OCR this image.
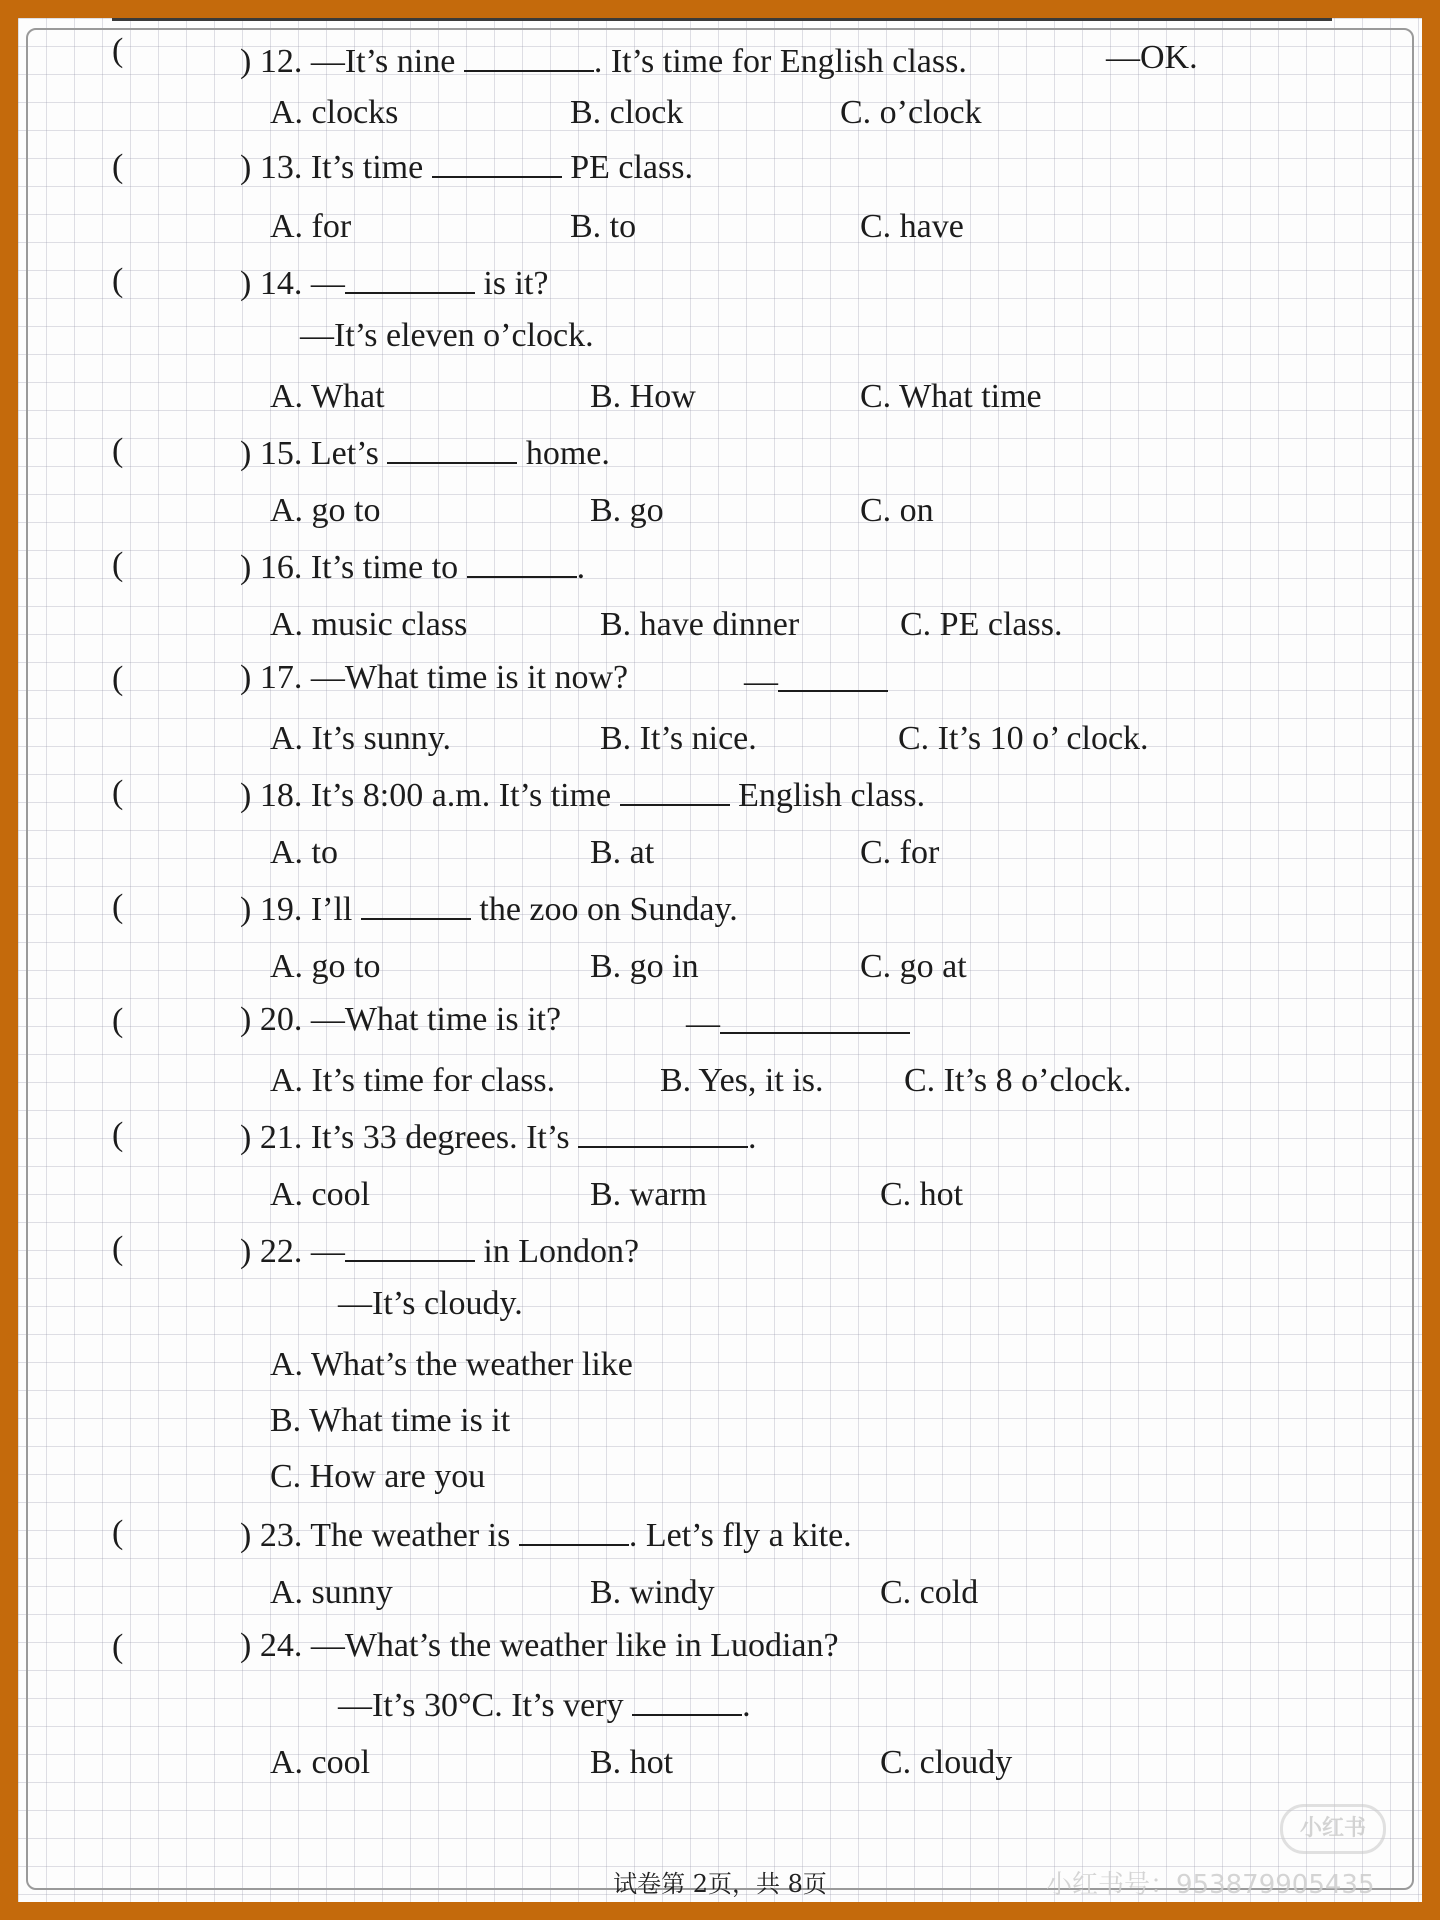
(	) 12. —It’s nine	. It’s time for English class.	—OK.
A. clocks	B. clock	C. o’clock
(	) 13. It’s time	PE class.
A. for	B. to	C. have
(	) 14. —	is it?
—It’s eleven o’clock.
A. What	B. How	C. What time
(	) 15. Let’s	home.
A. go to	B. go	C. on
(	) 16. It’s time to	.
A. music class	B. have dinner	C. PE class.
(	) 17. —What time is it now?	—
A. It’s sunny.	B. It’s nice.	C. It’s 10 o’ clock.
(	) 18. It’s 8:00 a.m. It’s time	English class.
A. to	B. at	C. for
(	) 19. I’ll	the zoo on Sunday.
A. go to	B. go in	C. go at
(	) 20. —What time is it?	—
A. It’s time for class.	B. Yes, it is. C. It’s 8 o’clock.
(	) 21. It’s 33 degrees. It’s	.
A. cool	B. warm	C. hot
(	) 22. —	in London?
—It’s cloudy.
A. What’s the weather like
B. What time is it
C. How are you
(	) 23. The weather is	. Let’s fly a kite.
A. sunny	B. windy	C. cold
(	) 24. —What’s the weather like in Luodian?
—It’s 30°C. It’s very	.
A. cool	B. hot	C. cloudy
试卷第 2页，共 8页
小红书
小红书号：953879905435
